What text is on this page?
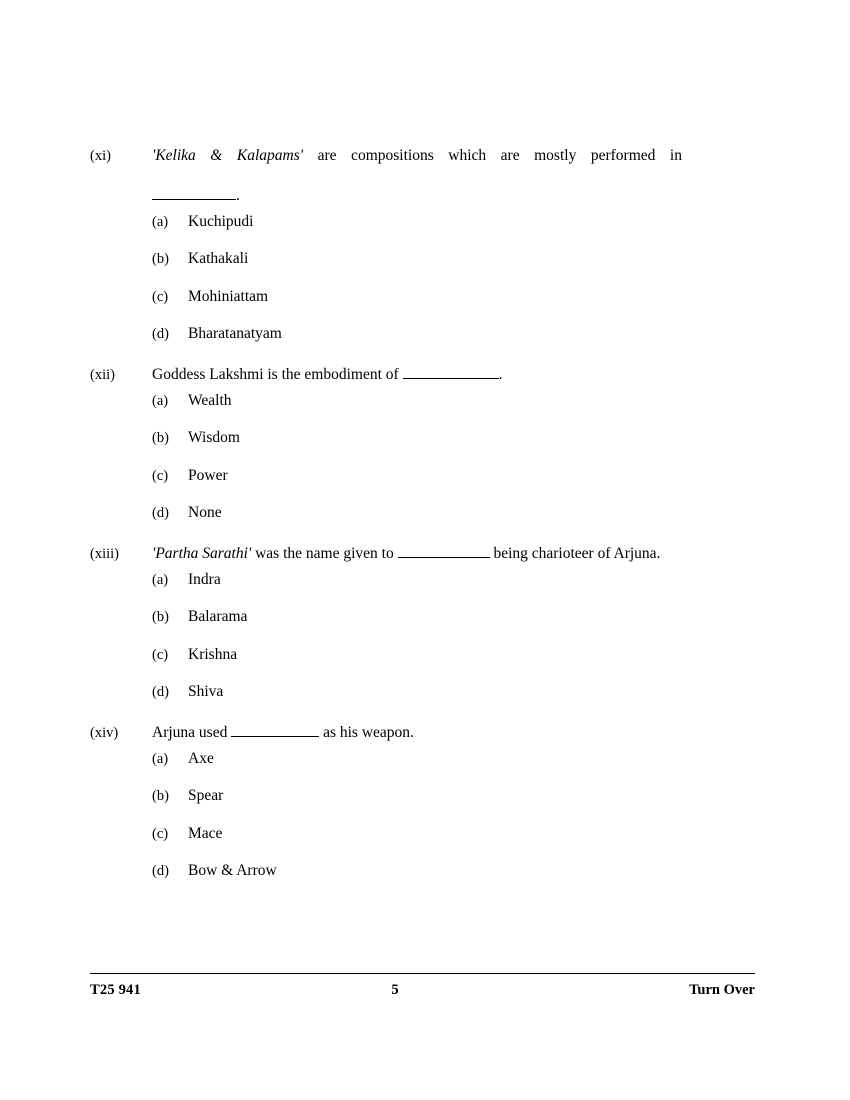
(xi)	'Kelika & Kalapams' are compositions which are mostly performed in
.
(a)	Kuchipudi
(b)	Kathakali
(c)	Mohiniattam
(d)	Bharatanatyam
(xii)	Goddess Lakshmi is the embodiment of	.
(a)	Wealth
(b)	Wisdom
(c)	Power
(d)	None
(xiii)	'Partha Sarathi' was the name given to	being charioteer of Arjuna.
(a)	Indra
(b)	Balarama
(c)	Krishna
(d)	Shiva
(xiv)	Arjuna used	as his weapon.
(a)	Axe
(b)	Spear
(c)	Mace
(d)	Bow & Arrow
T25 941	5	Turn Over
